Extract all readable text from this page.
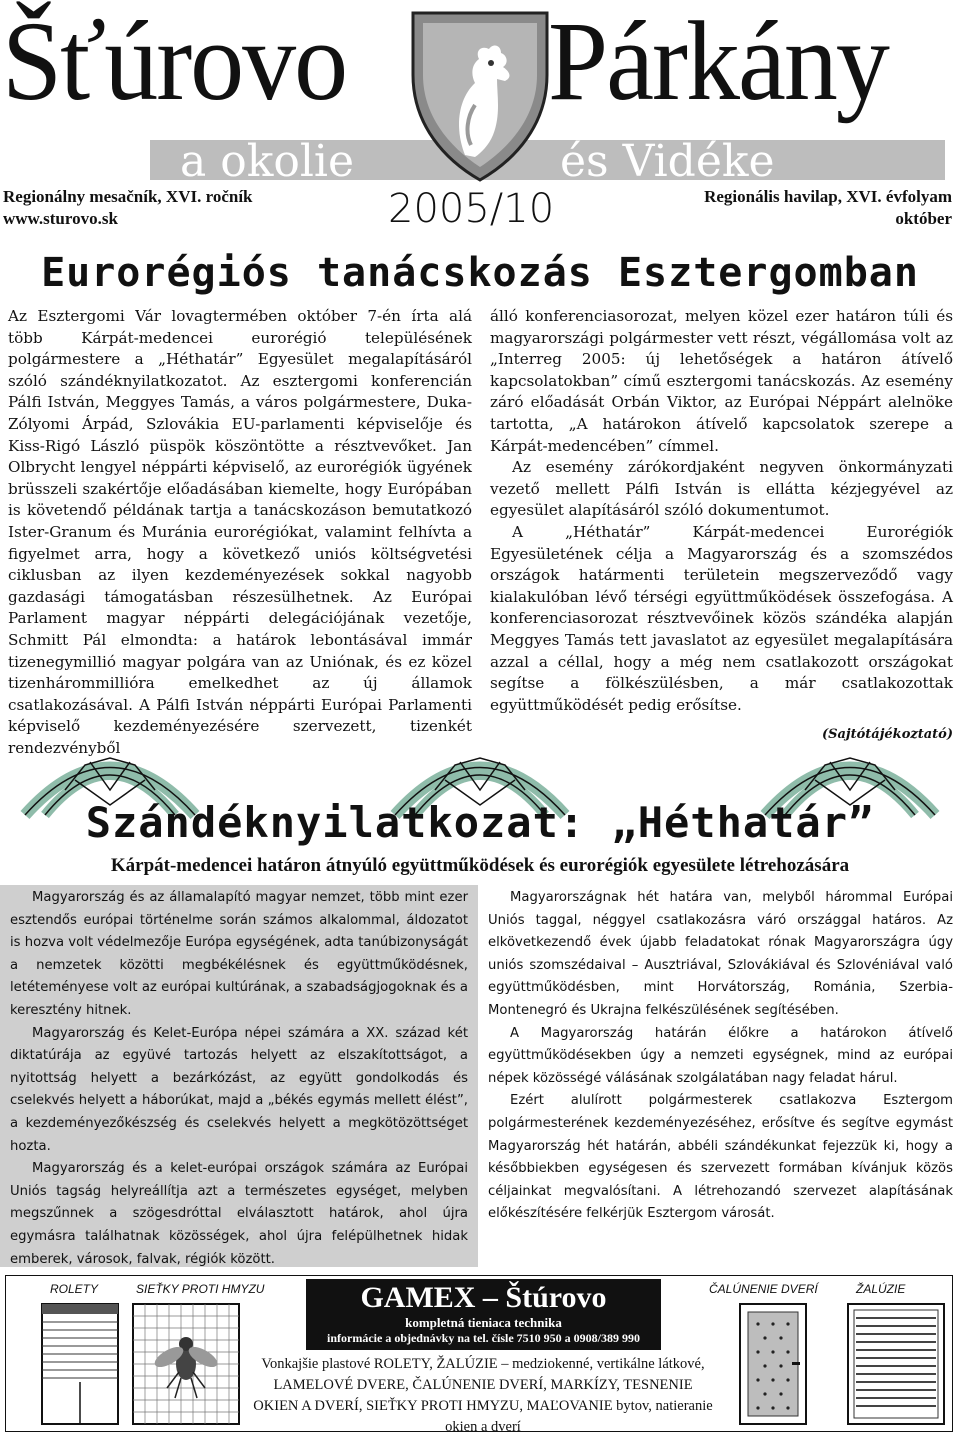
Šťúrovo Párkány
a okolie	és Vidéke
Regionálny mesačník, XVI. ročník
www.sturovo.sk	2005/10	Regionális havilap, XVI. évfolyam
október
Eurorégiós tanácskozás Esztergomban

Az Esztergomi Vár lovagtermében október 7-én írta alá több Kárpát-medencei eurorégió településének polgármestere a „Héthatár” Egyesület megalapításáról szóló szándéknyilatkozatot. Az esztergomi konferencián Pálfi István, Meggyes Tamás, a város polgármestere, Duka-Zólyomi Árpád, Szlovákia EU-parlamenti képviselője és Kiss-Rigó László püspök köszöntötte a résztvevőket. Jan Olbrycht lengyel néppárti képviselő, az eurorégiók ügyének brüsszeli szakértője előadásában kiemelte, hogy Európában is követendő példának tartja a tanácskozáson bemutatkozó Ister-Granum és Muránia eurorégiókat, valamint felhívta a figyelmet arra, hogy a következő uniós költségvetési ciklusban az ilyen kezdeményezések sokkal nagyobb gazdasági támogatásban részesülhetnek. Az Európai Parlament magyar néppárti delegációjának vezetője, Schmitt Pál elmondta: a határok lebontásával immár tizenegymillió magyar polgára van az Uniónak, és ez közel tizenhárommillióra emelkedhet az új államok csatlakozásával. A Pálfi István néppárti Európai Parlamenti képviselő kezdeményezésére szervezett, tizenkét rendezvényből

álló konferenciasorozat, melyen közel ezer határon túli és magyarországi polgármester vett részt, végállomása volt az „Interreg 2005: új lehetőségek a határon átívelő kapcsolatokban” című esztergomi tanácskozás. Az esemény záró előadását Orbán Viktor, az Európai Néppárt alelnöke tartotta, „A határokon átívelő kapcsolatok szerepe a Kárpát-medencében” címmel.

Az esemény zárókordjaként negyven önkormányzati vezető mellett Pálfi István is ellátta kézjegyével az egyesület alapításáról szóló dokumentumot.

A „Héthatár” Kárpát-medencei Eurorégiók Egyesületének célja a Magyarország és a szomszédos országok határmenti területein megszerveződő vagy kialakulóban lévő térségi együttműködések összefogása. A konferenciasorozat résztvevőinek közös szándéka alapján Meggyes Tamás tett javaslatot az egyesület megalapítására azzal a céllal, hogy a még nem csatlakozott országokat segítse a fölkészülésben, a már csatlakozottak együttműködését pedig erősítse.

(Sajtótájékoztató)

Szándéknyilatkozat: „Héthatár”
Kárpát-medencei határon átnyúló együttműködések és eurorégiók egyesülete létrehozására

Magyarország és az államalapító magyar nemzet, több mint ezer esztendős európai történelme során számos alkalommal, áldozatot is hozva volt védelmezője Európa egységének, adta tanúbizonyságát a nemzetek közötti megbékélésnek és együttműködésnek, letéteményese volt az európai kultúrának, a szabadságjogoknak és a keresztény hitnek.

Magyarország és Kelet-Európa népei számára a XX. század két diktatúrája az együvé tartozás helyett az elszakítottságot, a nyitottság helyett a bezárkózást, az együtt gondolkodás és cselekvés helyett a háborúkat, majd a „békés egymás mellett élést”, a kezdeményezőkészség és cselekvés helyett a megkötözöttséget hozta.

Magyarország és a kelet-európai országok számára az Európai Uniós tagság helyreállítja azt a természetes egységet, melyben megszűnnek a szögesdróttal elválasztott határok, ahol újra egymásra találhatnak közösségek, ahol újra felépülhetnek hidak emberek, városok, falvak, régiók között.

Magyarországnak hét határa van, melyből hárommal Európai Uniós taggal, néggyel csatlakozásra váró országgal határos. Az elkövetkezendő évek újabb feladatokat rónak Magyarországra úgy uniós szomszédaival – Ausztriával, Szlovákiával és Szlovéniával való együttműködésben, mint Horvátország, Románia, Szerbia-Montenegró és Ukrajna felkészülésének segítésében.

A Magyarország határán élőkre a határokon átívelő együttműködésekben úgy a nemzeti egységnek, mind az európai népek közösségé válásának szolgálatában nagy feladat hárul.

Ezért alulírott polgármesterek csatlakozva Esztergom polgármesterének kezdeményezéséhez, erősítve és segítve egymást Magyarország hét határán, abbéli szándékunkat fejezzük ki, hogy a későbbiekben egységesen és szervezett formában kívánjuk közös céljainkat megvalósítani. A létrehozandó szervezet alapításának előkészítésére felkérjük Esztergom városát.

ROLETY	SIEŤKY PROTI HMYZU	ČALÚNENIE DVERÍ	ŽALÚZIE
GAMEX – Štúrovo
kompletná tieniaca technika
informácie a objednávky na tel. čísle 7510 950 a 0908/389 990
Vonkajšie plastové ROLETY, ŽALÚZIE – medziokenné, vertikálne látkové, LAMELOVÉ DVERE, ČALÚNENIE DVERÍ, MARKÍZY, TESNENIE OKIEN A DVERÍ, SIEŤKY PROTI HMYZU, MAĽOVANIE bytov, natieranie okien a dverí
